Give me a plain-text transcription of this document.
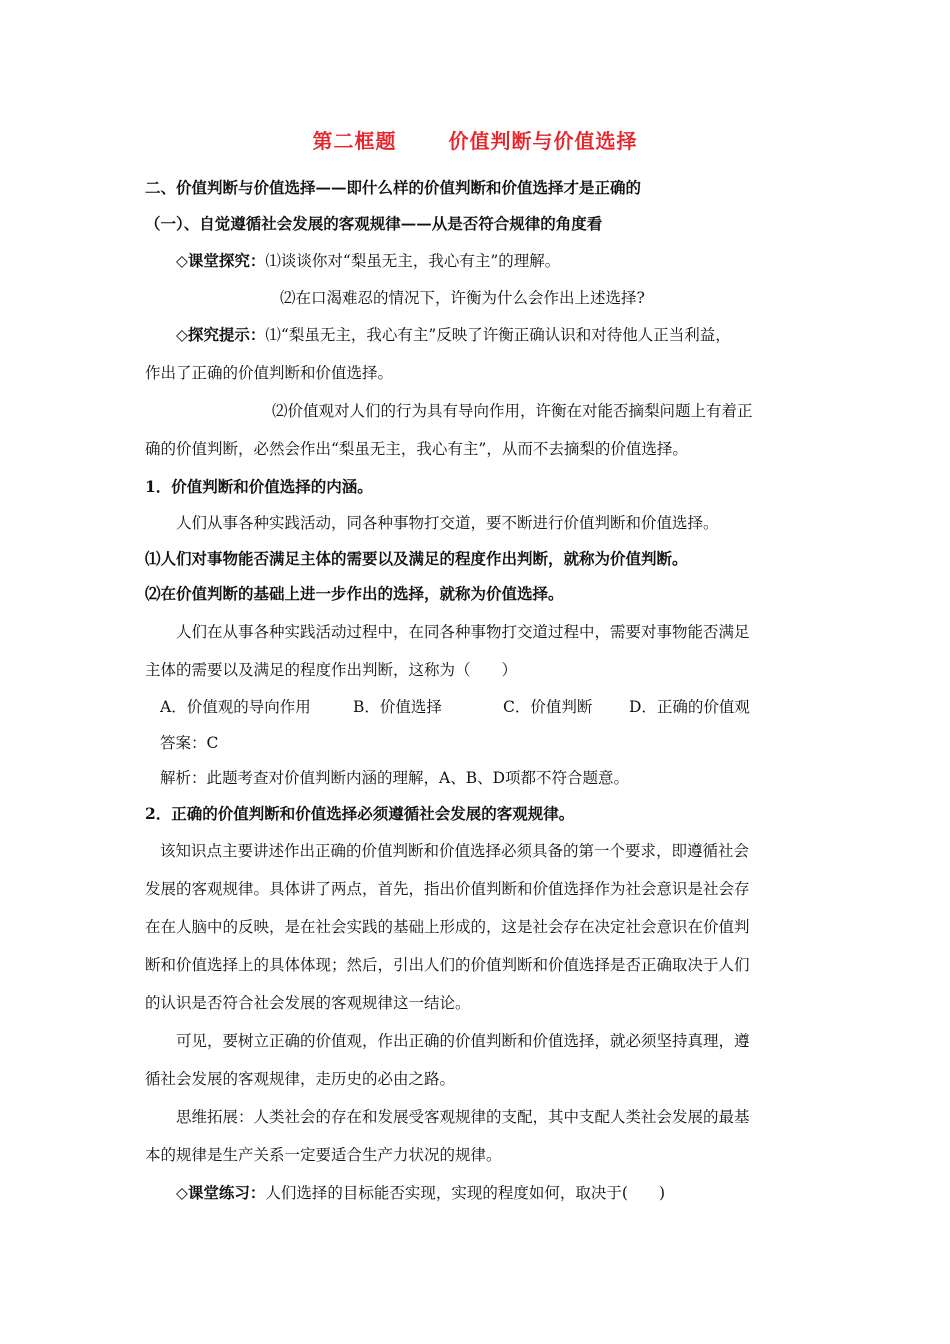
第二框题	价值判断与价值选择
二、价值判断与价值选择——即什么样的价值判断和价值选择才是正确的
（一）、自觉遵循社会发展的客观规律——从是否符合规律的角度看
◇课堂探究：⑴谈谈你对“梨虽无主，我心有主”的理解。
⑵在口渴难忍的情况下，许衡为什么会作出上述选择?
◇探究提示：⑴“梨虽无主，我心有主”反映了许衡正确认识和对待他人正当利益，
作出了正确的价值判断和价值选择。
⑵价值观对人们的行为具有导向作用，许衡在对能否摘梨问题上有着正
确的价值判断，必然会作出“梨虽无主，我心有主”，从而不去摘梨的价值选择。
1．价值判断和价值选择的内涵。
人们从事各种实践活动，同各种事物打交道，要不断进行价值判断和价值选择。
⑴人们对事物能否满足主体的需要以及满足的程度作出判断，就称为价值判断。
⑵在价值判断的基础上进一步作出的选择，就称为价值选择。
人们在从事各种实践活动过程中，在同各种事物打交道过程中，需要对事物能否满足
主体的需要以及满足的程度作出判断，这称为（　　）
A．价值观的导向作用	B．价值选择	C．价值判断 D．正确的价值观
答案：C
解析：此题考查对价值判断内涵的理解，A、B、D项都不符合题意。
2．正确的价值判断和价值选择必须遵循社会发展的客观规律。
该知识点主要讲述作出正确的价值判断和价值选择必须具备的第一个要求，即遵循社会
发展的客观规律。具体讲了两点，首先，指出价值判断和价值选择作为社会意识是社会存
在在人脑中的反映，是在社会实践的基础上形成的，这是社会存在决定社会意识在价值判
断和价值选择上的具体体现；然后，引出人们的价值判断和价值选择是否正确取决于人们
的认识是否符合社会发展的客观规律这一结论。
可见，要树立正确的价值观，作出正确的价值判断和价值选择，就必须坚持真理，遵
循社会发展的客观规律，走历史的必由之路。
思维拓展：人类社会的存在和发展受客观规律的支配，其中支配人类社会发展的最基
本的规律是生产关系一定要适合生产力状况的规律。
◇课堂练习：人们选择的目标能否实现，实现的程度如何，取决于(　　)
